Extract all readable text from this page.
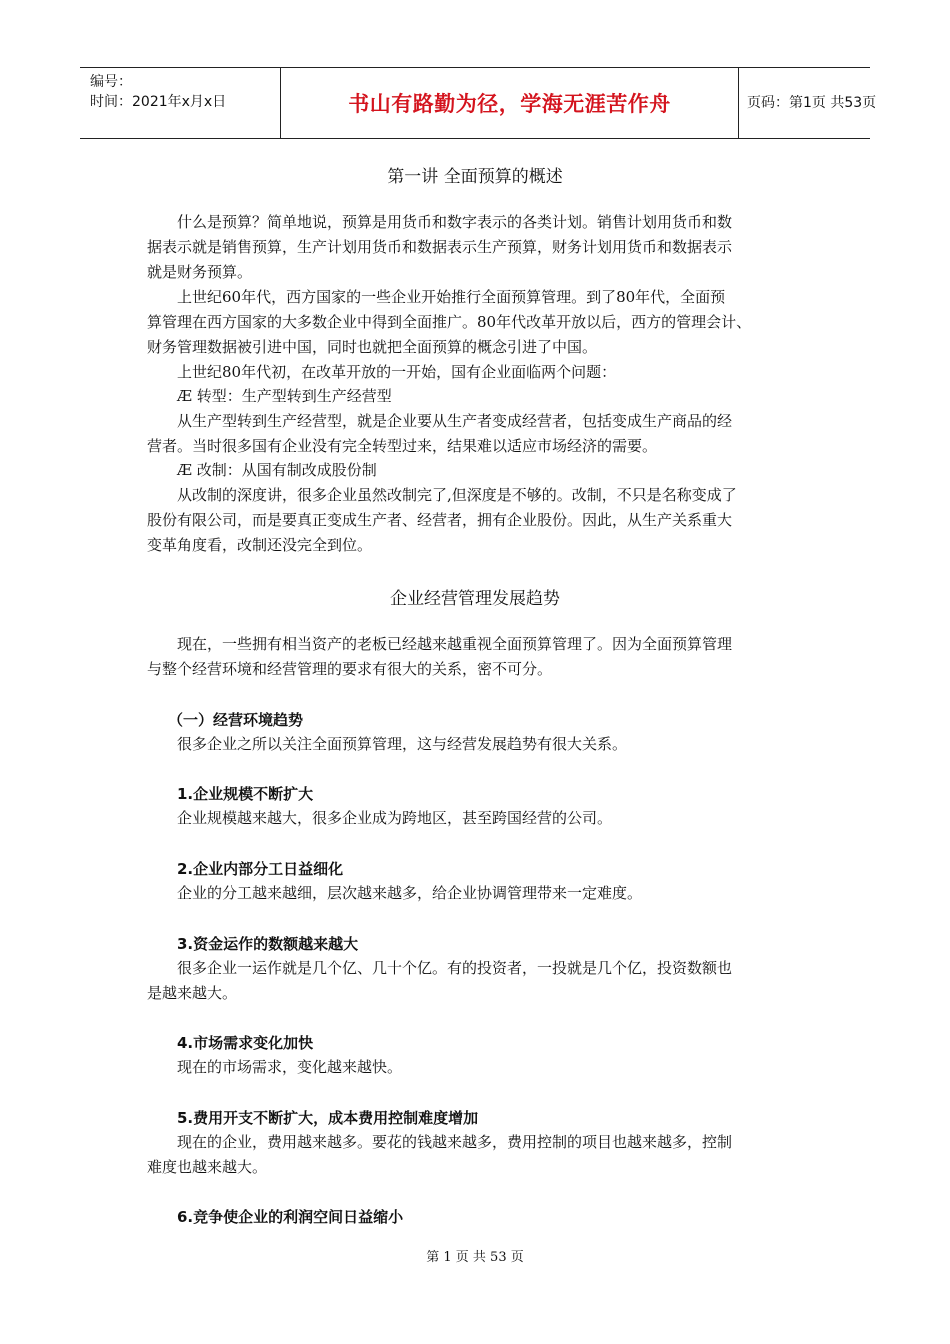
编号：
时间：2021年x月x日	书山有路勤为径，学海无涯苦作舟	页码：第1页 共53页
第一讲 全面预算的概述
什么是预算？简单地说，预算是用货币和数字表示的各类计划。销售计划用货币和数
据表示就是销售预算，生产计划用货币和数据表示生产预算，财务计划用货币和数据表示
就是财务预算。
上世纪60年代，西方国家的一些企业开始推行全面预算管理。到了80年代，全面预
算管理在西方国家的大多数企业中得到全面推广。80年代改革开放以后，西方的管理会计、
财务管理数据被引进中国，同时也就把全面预算的概念引进了中国。
上世纪80年代初，在改革开放的一开始，国有企业面临两个问题：
Æ 转型：生产型转到生产经营型
从生产型转到生产经营型，就是企业要从生产者变成经营者，包括变成生产商品的经
营者。当时很多国有企业没有完全转型过来，结果难以适应市场经济的需要。
Æ 改制：从国有制改成股份制
从改制的深度讲，很多企业虽然改制完了,但深度是不够的。改制，不只是名称变成了
股份有限公司，而是要真正变成生产者、经营者，拥有企业股份。因此，从生产关系重大
变革角度看，改制还没完全到位。
企业经营管理发展趋势
现在，一些拥有相当资产的老板已经越来越重视全面预算管理了。因为全面预算管理
与整个经营环境和经营管理的要求有很大的关系，密不可分。
（一）经营环境趋势
很多企业之所以关注全面预算管理，这与经营发展趋势有很大关系。
1.企业规模不断扩大
企业规模越来越大，很多企业成为跨地区，甚至跨国经营的公司。
2.企业内部分工日益细化
企业的分工越来越细，层次越来越多，给企业协调管理带来一定难度。
3.资金运作的数额越来越大
很多企业一运作就是几个亿、几十个亿。有的投资者，一投就是几个亿，投资数额也
是越来越大。
4.市场需求变化加快
现在的市场需求，变化越来越快。
5.费用开支不断扩大，成本费用控制难度增加
现在的企业，费用越来越多。要花的钱越来越多，费用控制的项目也越来越多，控制
难度也越来越大。
6.竞争使企业的利润空间日益缩小
第 1 页 共 53 页
